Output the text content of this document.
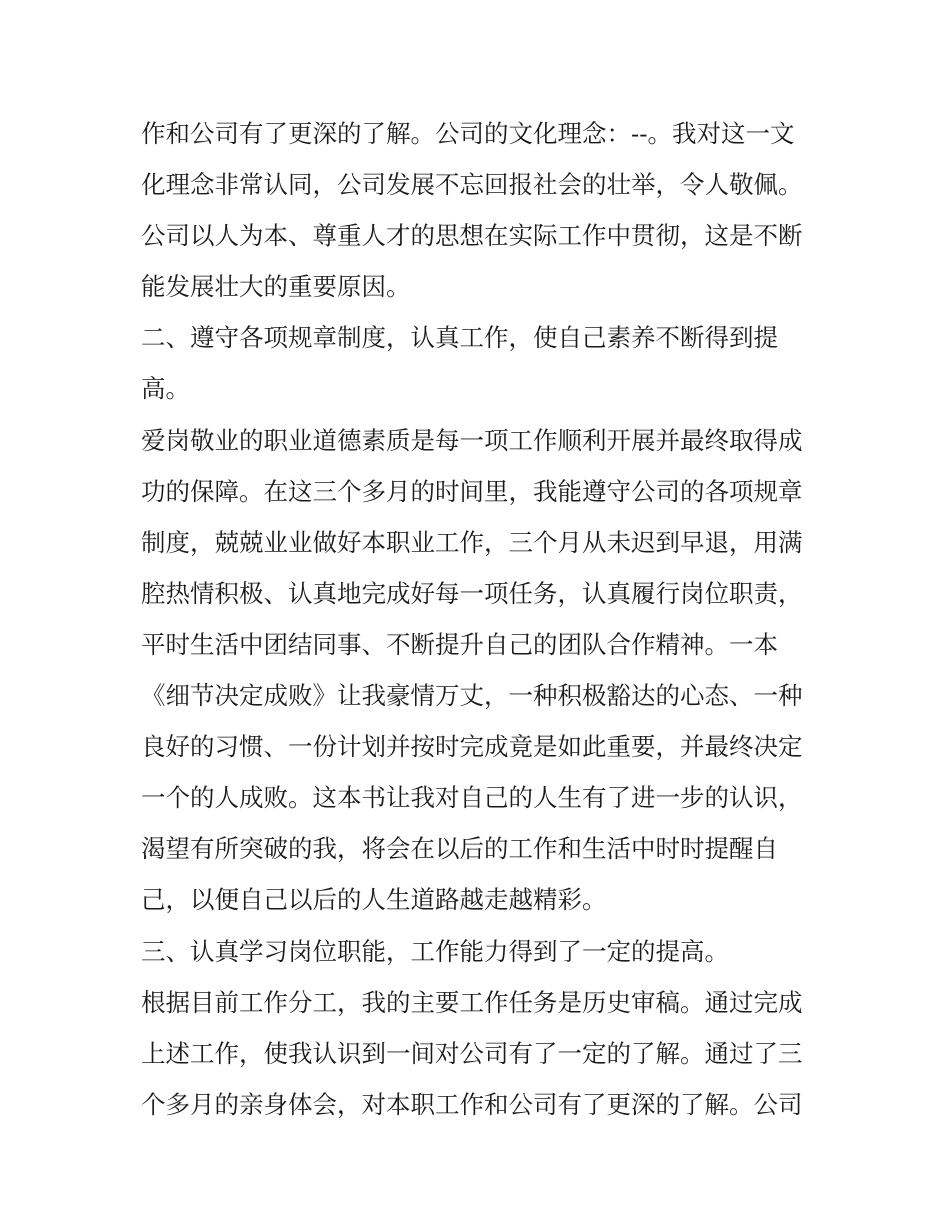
作和公司有了更深的了解。公司的文化理念：--。我对这一文
化理念非常认同，公司发展不忘回报社会的壮举，令人敬佩。
公司以人为本、尊重人才的思想在实际工作中贯彻，这是不断
能发展壮大的重要原因。
二、遵守各项规章制度，认真工作，使自己素养不断得到提
高。
爱岗敬业的职业道德素质是每一项工作顺利开展并最终取得成
功的保障。在这三个多月的时间里，我能遵守公司的各项规章
制度，兢兢业业做好本职业工作，三个月从未迟到早退，用满
腔热情积极、认真地完成好每一项任务，认真履行岗位职责，
平时生活中团结同事、不断提升自己的团队合作精神。一本
《细节决定成败》让我豪情万丈，一种积极豁达的心态、一种
良好的习惯、一份计划并按时完成竟是如此重要，并最终决定
一个的人成败。这本书让我对自己的人生有了进一步的认识，
渴望有所突破的我，将会在以后的工作和生活中时时提醒自
己，以便自己以后的人生道路越走越精彩。
三、认真学习岗位职能，工作能力得到了一定的提高。
根据目前工作分工，我的主要工作任务是历史审稿。通过完成
上述工作，使我认识到一间对公司有了一定的了解。通过了三
个多月的亲身体会，对本职工作和公司有了更深的了解。公司
